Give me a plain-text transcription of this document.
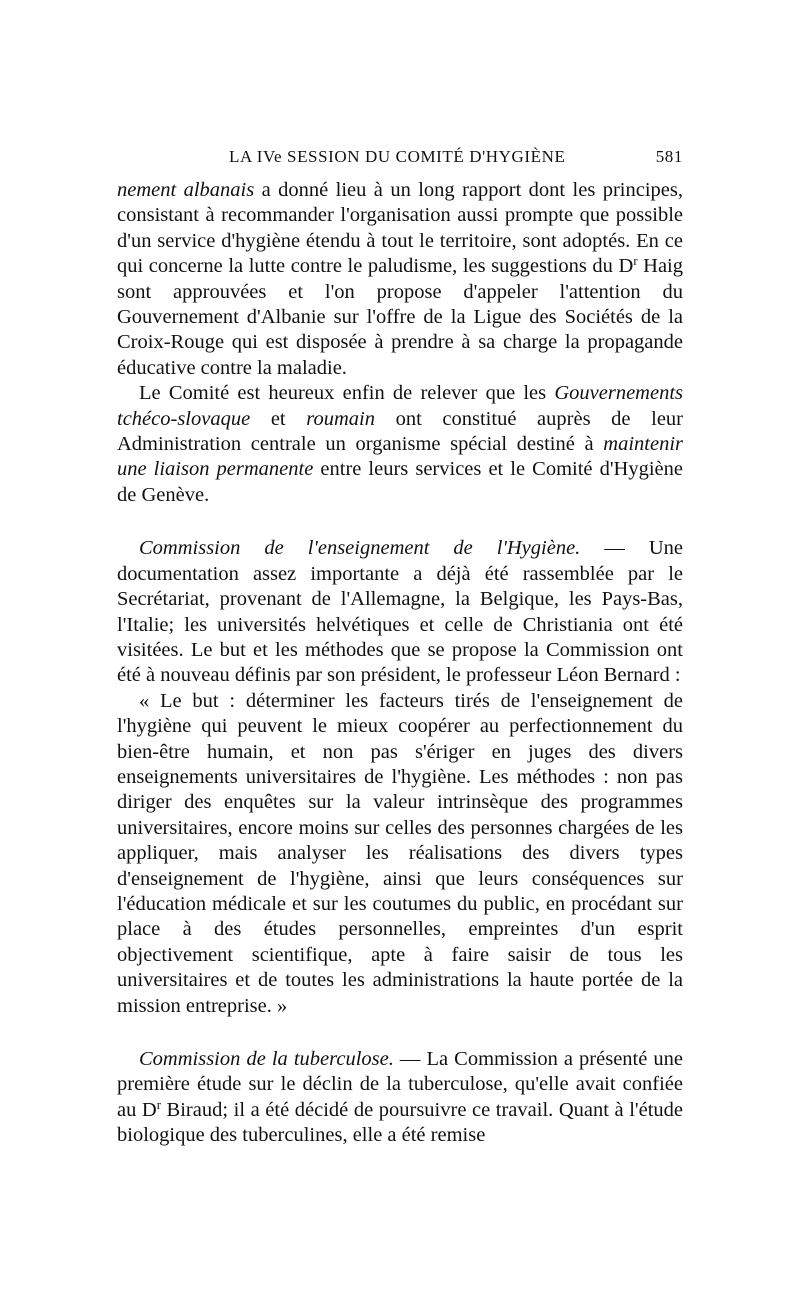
LA IVe SESSION DU COMITÉ D'HYGIÈNE	581

nement albanais a donné lieu à un long rapport dont les principes, consistant à recommander l'organisation aussi prompte que possible d'un service d'hygiène étendu à tout le territoire, sont adoptés. En ce qui concerne la lutte contre le paludisme, les suggestions du $D^r$ Haig sont approuvées et l'on propose d'appeler l'attention du Gouvernement d'Albanie sur l'offre de la Ligue des Sociétés de la Croix-Rouge qui est disposée à prendre à sa charge la propagande éducative contre la maladie.

Le Comité est heureux enfin de relever que les Gouvernements tchéco-slovaque et roumain ont constitué auprès de leur Administration centrale un organisme spécial destiné à maintenir une liaison permanente entre leurs services et le Comité d'Hygiène de Genève.

Commission de l'enseignement de l'Hygiène. — Une documentation assez importante a déjà été rassemblée par le Secrétariat, provenant de l'Allemagne, la Belgique, les Pays-Bas, l'Italie; les universités helvétiques et celle de Christiania ont été visitées. Le but et les méthodes que se propose la Commission ont été à nouveau définis par son président, le professeur Léon Bernard :

« Le but : déterminer les facteurs tirés de l'enseignement de l'hygiène qui peuvent le mieux coopérer au perfectionnement du bien-être humain, et non pas s'ériger en juges des divers enseignements universitaires de l'hygiène. Les méthodes : non pas diriger des enquêtes sur la valeur intrinsèque des programmes universitaires, encore moins sur celles des personnes chargées de les appliquer, mais analyser les réalisations des divers types d'enseignement de l'hygiène, ainsi que leurs conséquences sur l'éducation médicale et sur les coutumes du public, en procédant sur place à des études personnelles, empreintes d'un esprit objectivement scientifique, apte à faire saisir de tous les universitaires et de toutes les administrations la haute portée de la mission entreprise. »

Commission de la tuberculose. — La Commission a présenté une première étude sur le déclin de la tuberculose, qu'elle avait confiée au $D^r$ Biraud; il a été décidé de poursuivre ce travail. Quant à l'étude biologique des tuberculines, elle a été remise
